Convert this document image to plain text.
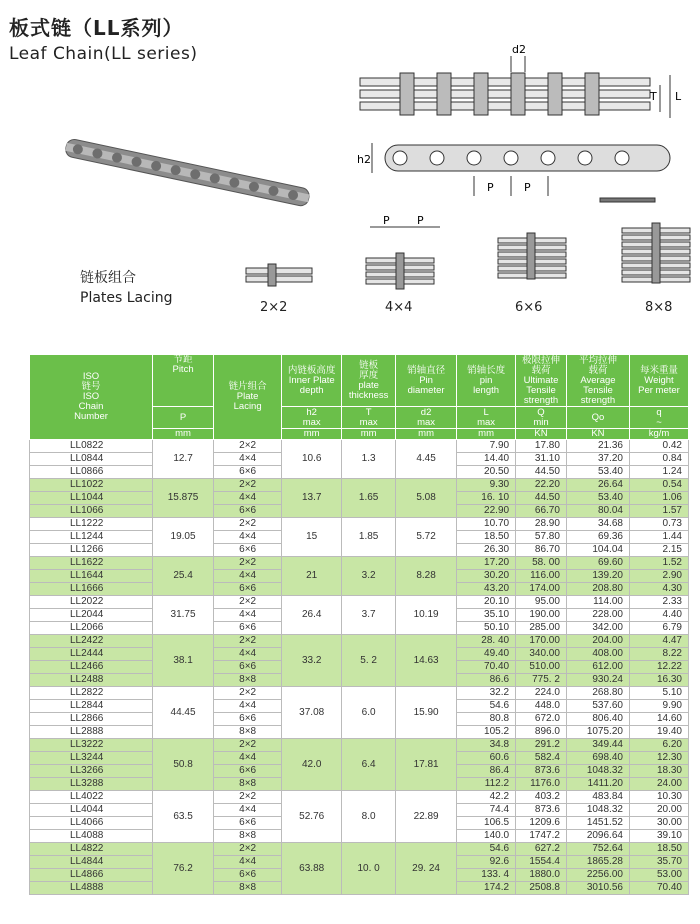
板式链（LL系列）
Leaf Chain(LL series)	d2
T L
h2
P	P
P P
链板组合
Plates Lacing
2×2	4×4	6×6	8×8
ISO
链号
ISO
Chain
Number	节距
Pitch	链片组合
Plate
Lacing	内链板高度
Inner Plate
depth	链板
厚度
plate
thickness	销轴直径
Pin
diameter	销轴长度
pin
length	极限拉伸
载荷
Ultimate
Tensile
strength	平均拉伸
载荷
Average
Tensile
strength	每米重量
Weight
Per meter
	P		h2
max	T
max	d2
max	L
max	Q
min	Qo	q
~
	mm		mm	mm	mm	mm	KN	KN	kg/m
LL0822	12.7	2×2	10.6	1.3	4.45	7.90	17.80	21.36	0.42
LL0844		4×4				14.40	31.10	37.20	0.84
LL0866		6×6				20.50	44.50	53.40	1.24
LL1022	15.875	2×2	13.7	1.65	5.08	9.30	22.20	26.64	0.54
LL1044		4×4				16. 10	44.50	53.40	1.06
LL1066		6×6				22.90	66.70	80.04	1.57
LL1222	19.05	2×2	15	1.85	5.72	10.70	28.90	34.68	0.73
LL1244		4×4				18.50	57.80	69.36	1.44
LL1266		6×6				26.30	86.70	104.04	2.15
LL1622	25.4	2×2	21	3.2	8.28	17.20	58. 00	69.60	1.52
LL1644		4×4				30.20	116.00	139.20	2.90
LL1666		6×6				43.20	174.00	208.80	4.30
LL2022	31.75	2×2	26.4	3.7	10.19	20.10	95.00	114.00	2.33
LL2044		4×4				35.10	190.00	228.00	4.40
LL2066		6×6				50.10	285.00	342.00	6.79
LL2422	38.1	2×2	33.2	5. 2	14.63	28. 40	170.00	204.00	4.47
LL2444		4×4				49.40	340.00	408.00	8.22
LL2466		6×6				70.40	510.00	612.00	12.22
LL2488		8×8				86.6	775. 2	930.24	16.30
LL2822	44.45	2×2	37.08	6.0	15.90	32.2	224.0	268.80	5.10
LL2844		4×4				54.6	448.0	537.60	9.90
LL2866		6×6				80.8	672.0	806.40	14.60
LL2888		8×8				105.2	896.0	1075.20	19.40
LL3222	50.8	2×2	42.0	6.4	17.81	34.8	291.2	349.44	6.20
LL3244		4×4				60.6	582.4	698.40	12.30
LL3266		6×6				86.4	873.6	1048.32	18.30
LL3288		8×8				112.2	1176.0	1411.20	24.00
LL4022	63.5	2×2	52.76	8.0	22.89	42.2	403.2	483.84	10.30
LL4044		4×4				74.4	873.6	1048.32	20.00
LL4066		6×6				106.5	1209.6	1451.52	30.00
LL4088		8×8				140.0	1747.2	2096.64	39.10
LL4822	76.2	2×2	63.88	10. 0	29. 24	54.6	627.2	752.64	18.50
LL4844		4×4				92.6	1554.4	1865.28	35.70
LL4866		6×6				133. 4	1880.0	2256.00	53.00
LL4888		8×8				174.2	2508.8	3010.56	70.40
